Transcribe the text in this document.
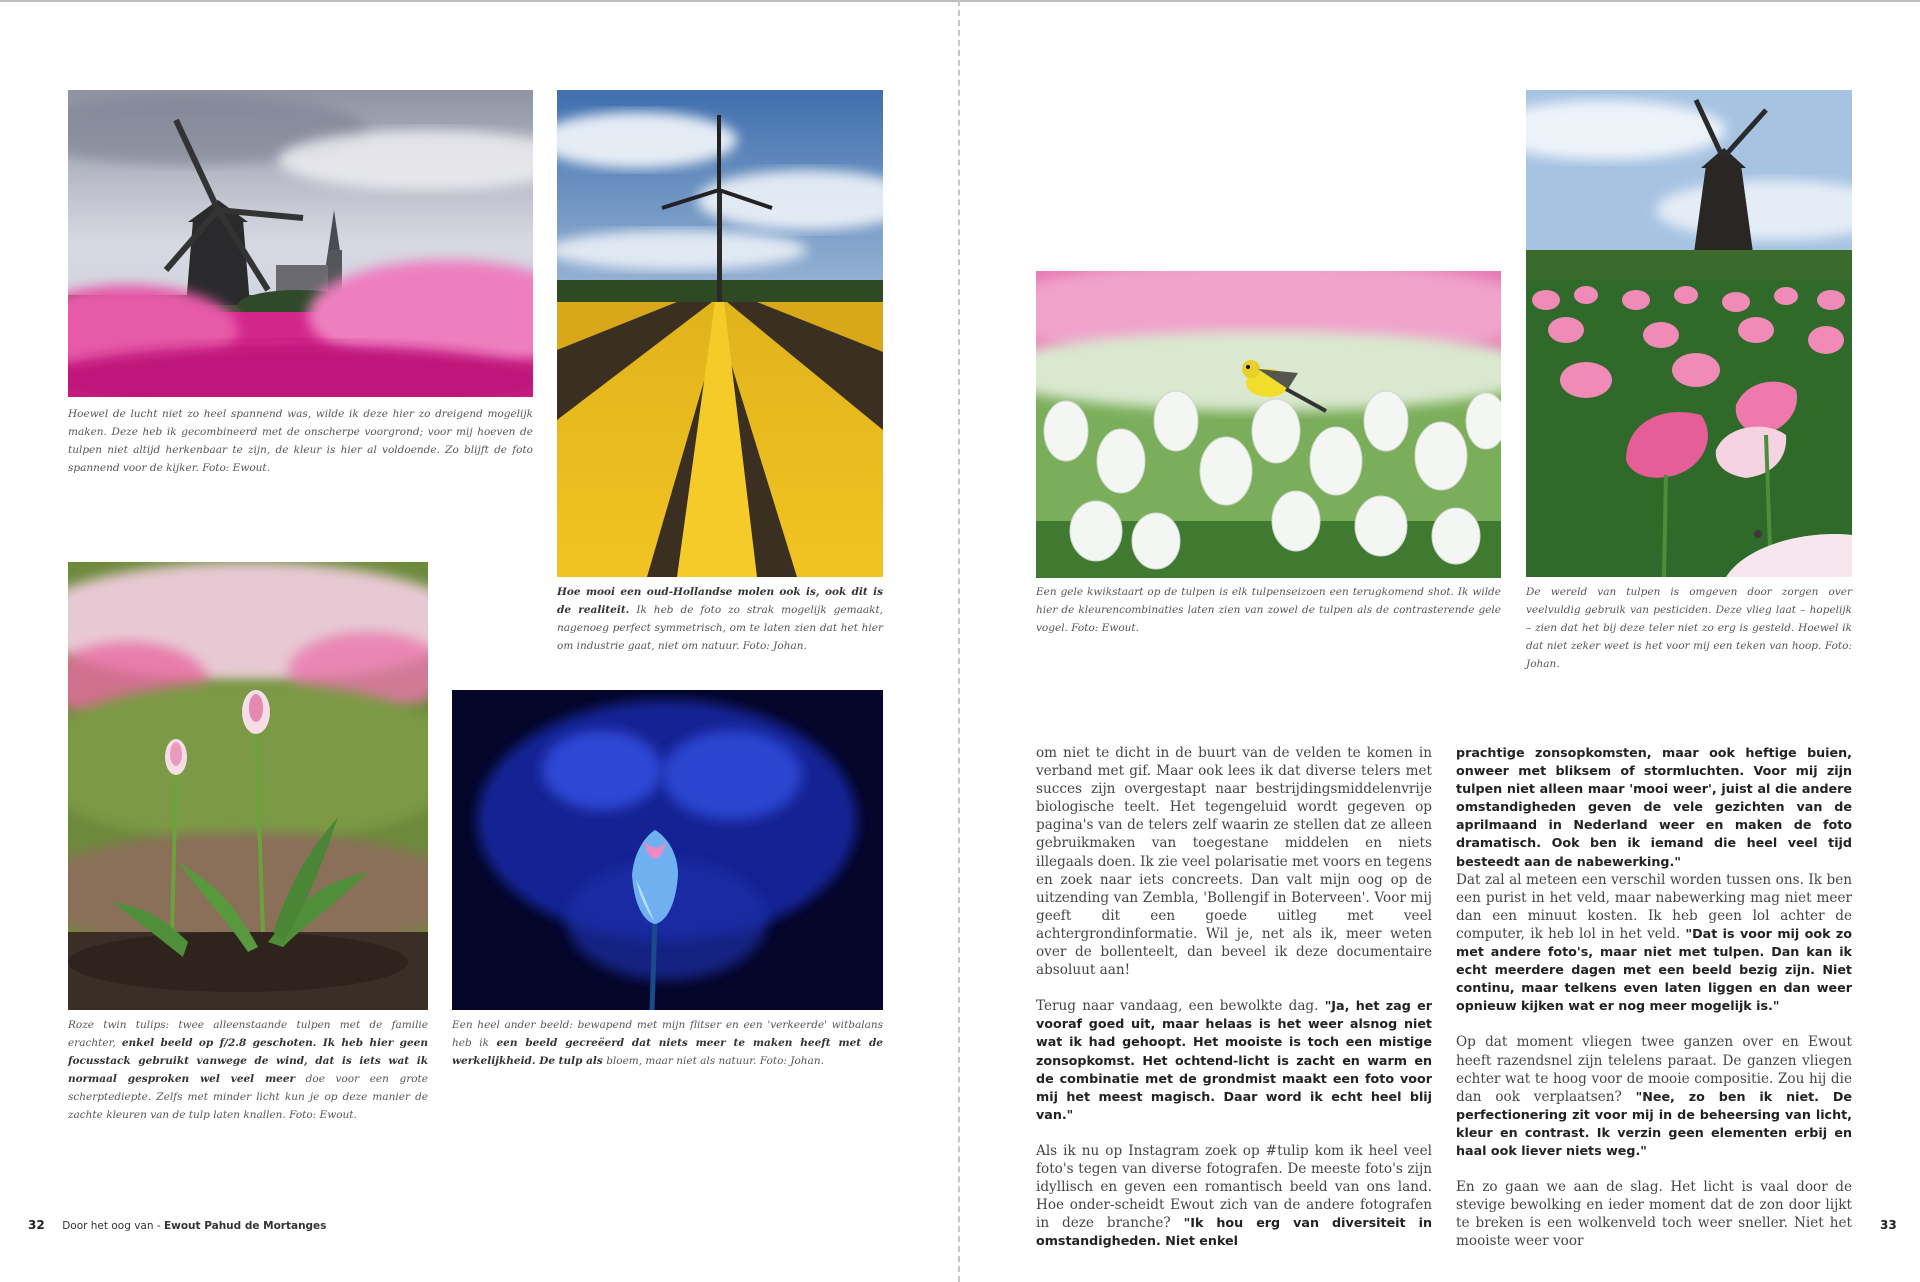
Hoewel de lucht niet zo heel spannend was, wilde ik deze hier zo dreigend mogelijk maken. Deze heb ik gecombineerd met de onscherpe voorgrond; voor mij hoeven de tulpen niet altijd herkenbaar te zijn, de kleur is hier al voldoende. Zo blijft de foto spannend voor de kijker. Foto: Ewout.

Hoe mooi een oud-Hollandse molen ook is, ook dit is de realiteit. Ik heb de foto zo strak mogelijk gemaakt, nagenoeg perfect symmetrisch, om te laten zien dat het hier om industrie gaat, niet om natuur. Foto: Johan.

Roze twin tulips: twee alleenstaande tulpen met de familie erachter, enkel beeld op f/2.8 geschoten. Ik heb hier geen focusstack gebruikt vanwege de wind, dat is iets wat ik normaal gesproken wel veel meer doe voor een grote scherptediepte. Zelfs met minder licht kun je op deze manier de zachte kleuren van de tulp laten knallen. Foto: Ewout.

Een heel ander beeld: bewapend met mijn flitser en een 'verkeerde' witbalans heb ik een beeld gecreëerd dat niets meer te maken heeft met de werkelijkheid. De tulp als bloem, maar niet als natuur. Foto: Johan.

Een gele kwikstaart op de tulpen is elk tulpenseizoen een terugkomend shot. Ik wilde hier de kleurencombinaties laten zien van zowel de tulpen als de contrasterende gele vogel. Foto: Ewout.

De wereld van tulpen is omgeven door zorgen over veelvuldig gebruik van pesticiden. Deze vlieg laat – hopelijk – zien dat het bij deze teler niet zo erg is gesteld. Hoewel ik dat niet zeker weet is het voor mij een teken van hoop. Foto: Johan.

om niet te dicht in de buurt van de velden te komen in verband met gif. Maar ook lees ik dat diverse telers met succes zijn overgestapt naar bestrijdingsmiddelenvrije biologische teelt. Het tegengeluid wordt gegeven op pagina's van de telers zelf waarin ze stellen dat ze alleen gebruikmaken van toegestane middelen en niets illegaals doen. Ik zie veel polarisatie met voors en tegens en zoek naar iets concreets. Dan valt mijn oog op de uitzending van Zembla, 'Bollengif in Boterveen'. Voor mij geeft dit een goede uitleg met veel achtergrondinformatie. Wil je, net als ik, meer weten over de bollenteelt, dan beveel ik deze documentaire absoluut aan!

Terug naar vandaag, een bewolkte dag. "Ja, het zag er vooraf goed uit, maar helaas is het weer alsnog niet wat ik had gehoopt. Het mooiste is toch een mistige zonsopkomst. Het ochtend-licht is zacht en warm en de combinatie met de grondmist maakt een foto voor mij het meest magisch. Daar word ik echt heel blij van."

Als ik nu op Instagram zoek op #tulip kom ik heel veel foto's tegen van diverse fotografen. De meeste foto's zijn idyllisch en geven een romantisch beeld van ons land. Hoe onder-scheidt Ewout zich van de andere fotografen in deze branche? "Ik hou erg van diversiteit in omstandigheden. Niet enkel

prachtige zonsopkomsten, maar ook heftige buien, onweer met bliksem of stormluchten. Voor mij zijn tulpen niet alleen maar 'mooi weer', juist al die andere omstandigheden geven de vele gezichten van de aprilmaand in Nederland weer en maken de foto dramatisch. Ook ben ik iemand die heel veel tijd besteedt aan de nabewerking."

Dat zal al meteen een verschil worden tussen ons. Ik ben een purist in het veld, maar nabewerking mag niet meer dan een minuut kosten. Ik heb geen lol achter de computer, ik heb lol in het veld. "Dat is voor mij ook zo met andere foto's, maar niet met tulpen. Dan kan ik echt meerdere dagen met een beeld bezig zijn. Niet continu, maar telkens even laten liggen en dan weer opnieuw kijken wat er nog meer mogelijk is."

Op dat moment vliegen twee ganzen over en Ewout heeft razendsnel zijn telelens paraat. De ganzen vliegen echter wat te hoog voor de mooie compositie. Zou hij die dan ook verplaatsen? "Nee, zo ben ik niet. De perfectionering zit voor mij in de beheersing van licht, kleur en contrast. Ik verzin geen elementen erbij en haal ook liever niets weg."

En zo gaan we aan de slag. Het licht is vaal door de stevige bewolking en ieder moment dat de zon door lijkt te breken is een wolkenveld toch weer sneller. Niet het mooiste weer voor

32 Door het oog van - Ewout Pahud de Mortanges	33
